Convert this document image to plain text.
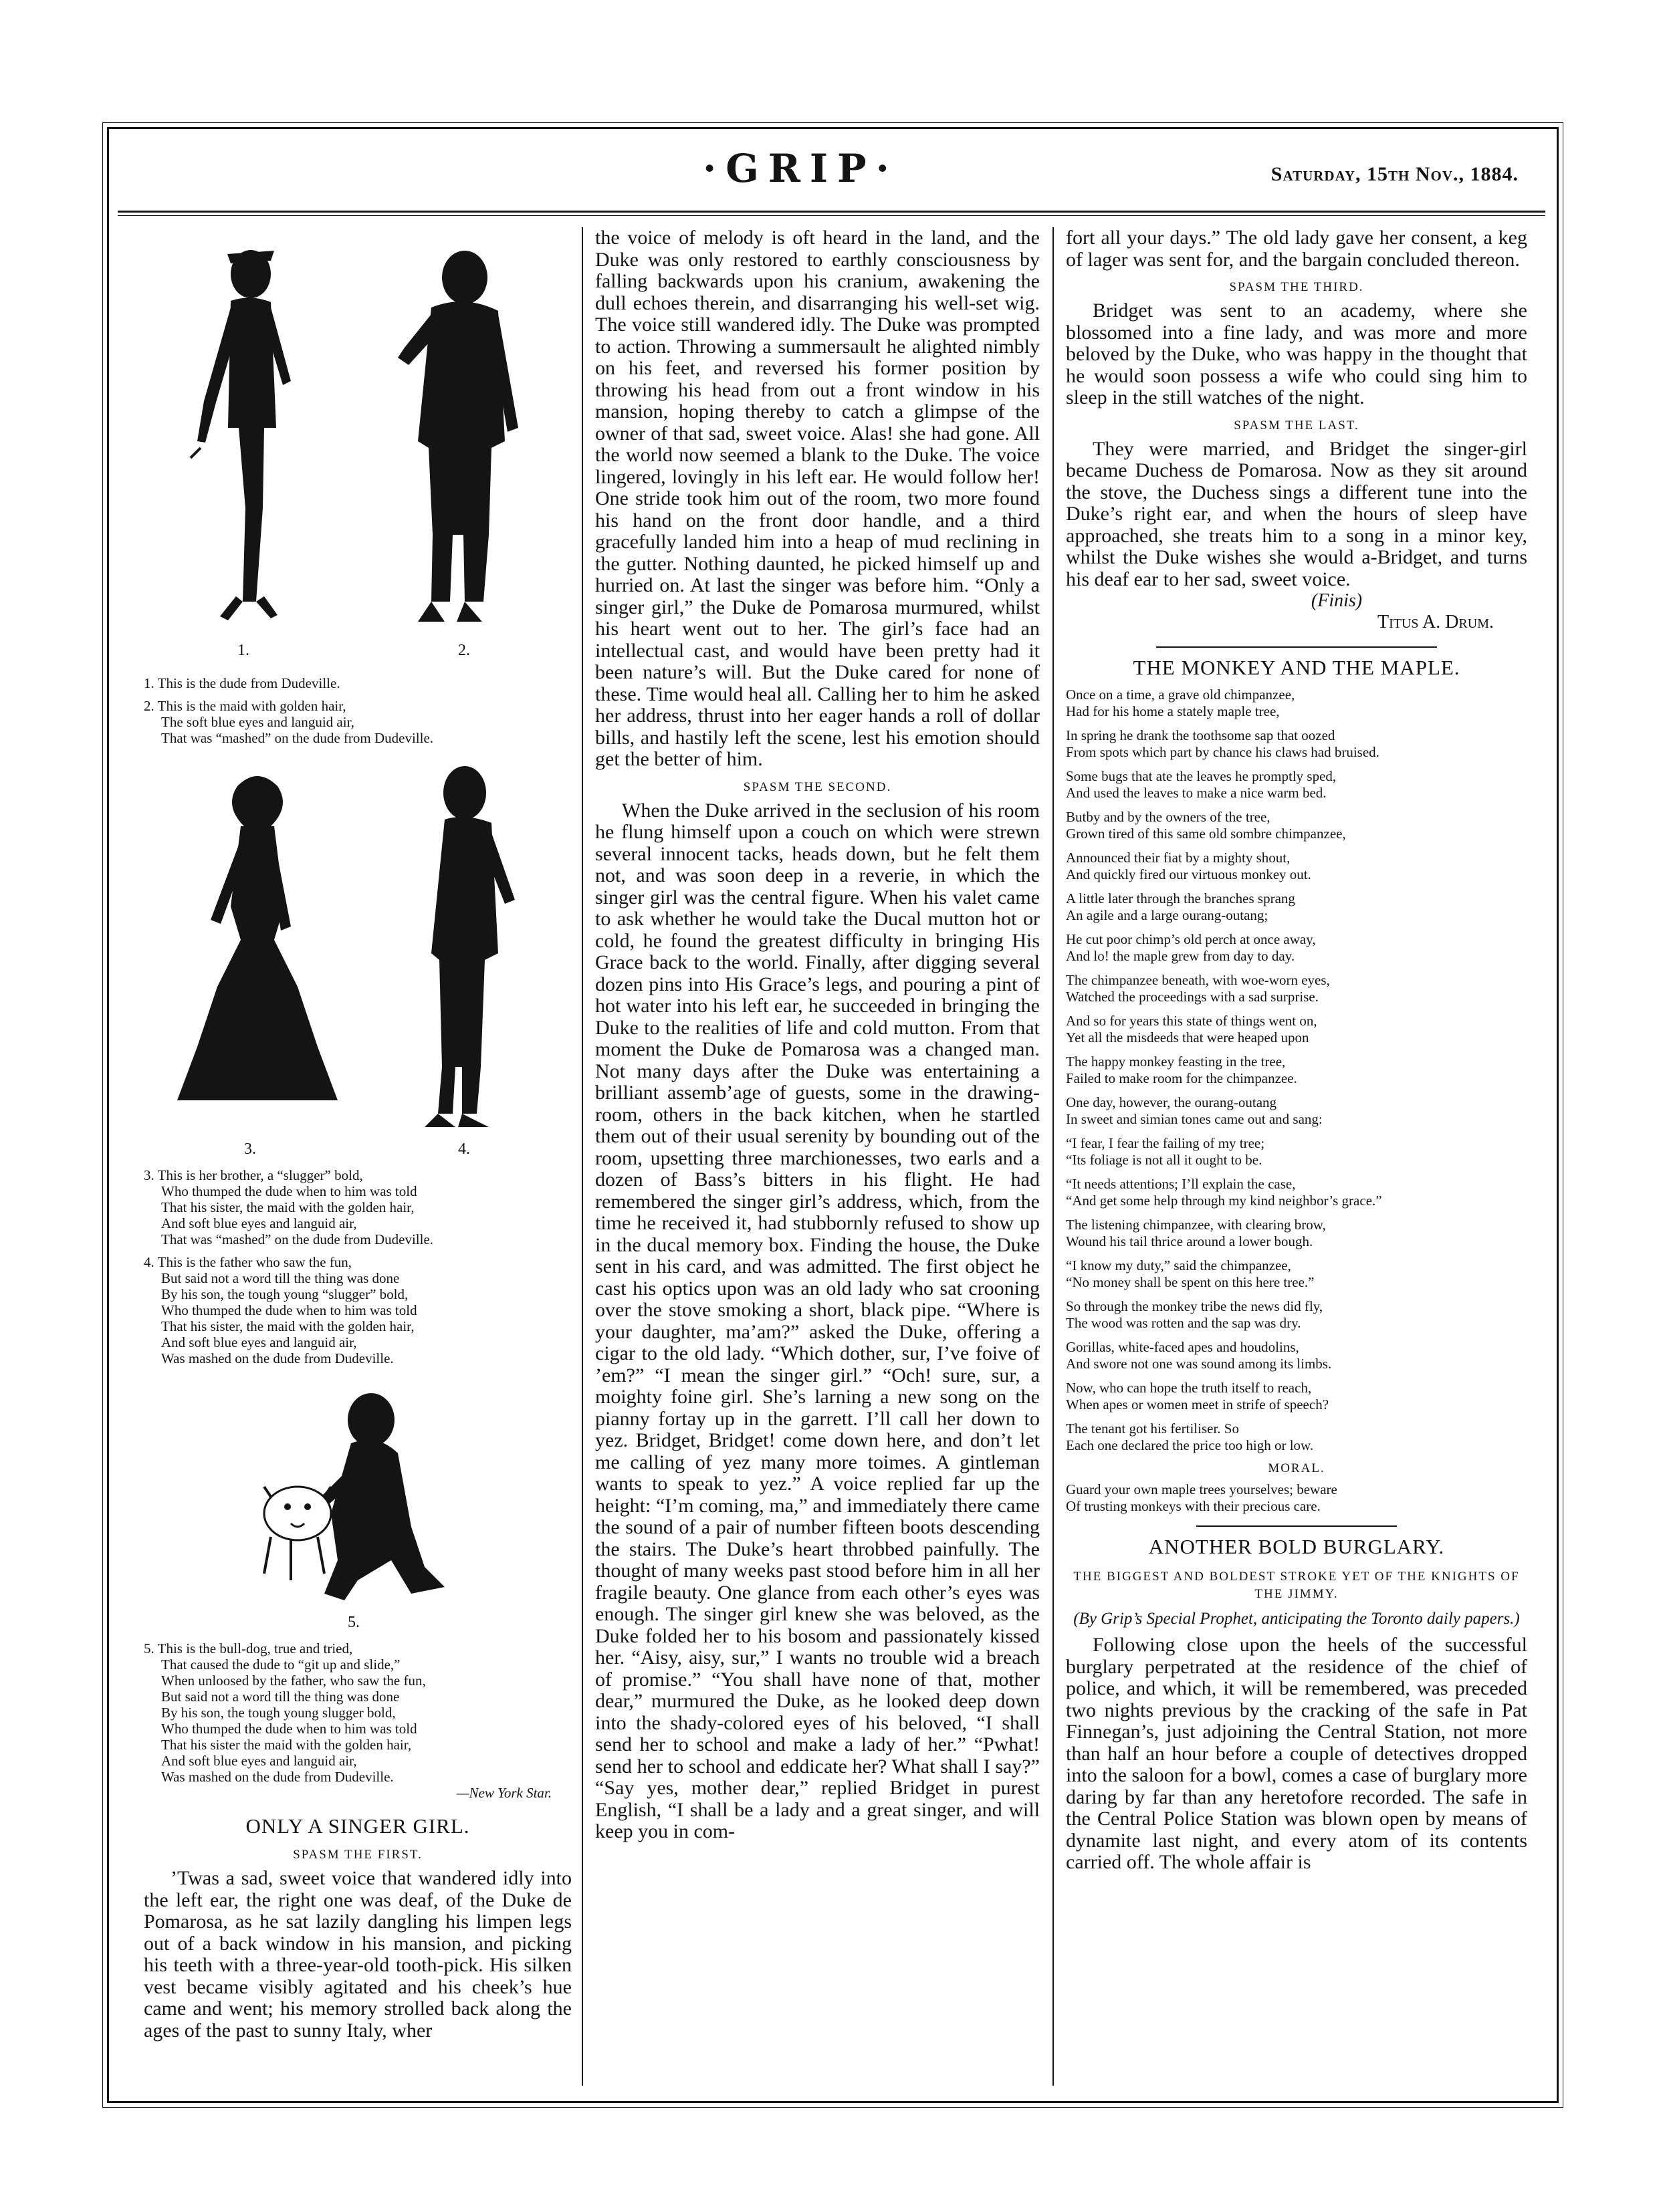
·GRIP·	Saturday, 15th Nov., 1884.
1.	2.
1. This is the dude from Dudeville.
2. This is the maid with golden hair,
The soft blue eyes and languid air,
That was “mashed” on the dude from Dudeville.
3.	4.
3. This is her brother, a “slugger” bold,
Who thumped the dude when to him was told
That his sister, the maid with the golden hair,
And soft blue eyes and languid air,
That was “mashed” on the dude from Dudeville.
4. This is the father who saw the fun,
But said not a word till the thing was done
By his son, the tough young “slugger” bold,
Who thumped the dude when to him was told
That his sister, the maid with the golden hair,
And soft blue eyes and languid air,
Was mashed on the dude from Dudeville.
5.
5. This is the bull-dog, true and tried,
That caused the dude to “git up and slide,”
When unloosed by the father, who saw the fun,
But said not a word till the thing was done
By his son, the tough young slugger bold,
Who thumped the dude when to him was told
That his sister the maid with the golden hair,
And soft blue eyes and languid air,
Was mashed on the dude from Dudeville.
—New York Star.
ONLY A SINGER GIRL.
SPASM THE FIRST.

’Twas a sad, sweet voice that wandered idly into the left ear, the right one was deaf, of the Duke de Pomarosa, as he sat lazily dangling his limpen legs out of a back window in his mansion, and picking his teeth with a three-year-old tooth-pick. His silken vest became visibly agitated and his cheek’s hue came and went; his memory strolled back along the ages of the past to sunny Italy, wher

the voice of melody is oft heard in the land, and the Duke was only restored to earthly consciousness by falling backwards upon his cranium, awakening the dull echoes therein, and disarranging his well-set wig. The voice still wandered idly. The Duke was prompted to action. Throwing a summersault he alighted nimbly on his feet, and reversed his former position by throwing his head from out a front window in his mansion, hoping thereby to catch a glimpse of the owner of that sad, sweet voice. Alas! she had gone. All the world now seemed a blank to the Duke. The voice lingered, lovingly in his left ear. He would follow her! One stride took him out of the room, two more found his hand on the front door handle, and a third gracefully landed him into a heap of mud reclining in the gutter. Nothing daunted, he picked himself up and hurried on. At last the singer was before him. “Only a singer girl,” the Duke de Pomarosa murmured, whilst his heart went out to her. The girl’s face had an intellectual cast, and would have been pretty had it been nature’s will. But the Duke cared for none of these. Time would heal all. Calling her to him he asked her address, thrust into her eager hands a roll of dollar bills, and hastily left the scene, lest his emotion should get the better of him.

SPASM THE SECOND.

When the Duke arrived in the seclusion of his room he flung himself upon a couch on which were strewn several innocent tacks, heads down, but he felt them not, and was soon deep in a reverie, in which the singer girl was the central figure. When his valet came to ask whether he would take the Ducal mutton hot or cold, he found the greatest difficulty in bringing His Grace back to the world. Finally, after digging several dozen pins into His Grace’s legs, and pouring a pint of hot water into his left ear, he succeeded in bringing the Duke to the realities of life and cold mutton. From that moment the Duke de Pomarosa was a changed man. Not many days after the Duke was entertaining a brilliant assemb’age of guests, some in the drawing-room, others in the back kitchen, when he startled them out of their usual serenity by bounding out of the room, upsetting three marchionesses, two earls and a dozen of Bass’s bitters in his flight. He had remembered the singer girl’s address, which, from the time he received it, had stubbornly refused to show up in the ducal memory box. Finding the house, the Duke sent in his card, and was admitted. The first object he cast his optics upon was an old lady who sat crooning over the stove smoking a short, black pipe. “Where is your daughter, ma’am?” asked the Duke, offering a cigar to the old lady. “Which dother, sur, I’ve foive of ’em?” “I mean the singer girl.” “Och! sure, sur, a moighty foine girl. She’s larning a new song on the pianny fortay up in the garrett. I’ll call her down to yez. Bridget, Bridget! come down here, and don’t let me calling of yez many more toimes. A gintleman wants to speak to yez.” A voice replied far up the height: “I’m coming, ma,” and immediately there came the sound of a pair of number fifteen boots descending the stairs. The Duke’s heart throbbed painfully. The thought of many weeks past stood before him in all her fragile beauty. One glance from each other’s eyes was enough. The singer girl knew she was beloved, as the Duke folded her to his bosom and passionately kissed her. “Aisy, aisy, sur,” I wants no trouble wid a breach of promise.” “You shall have none of that, mother dear,” murmured the Duke, as he looked deep down into the shady-colored eyes of his beloved, “I shall send her to school and make a lady of her.” “Pwhat! send her to school and eddicate her? What shall I say?” “Say yes, mother dear,” replied Bridget in purest English, “I shall be a lady and a great singer, and will keep you in com-

fort all your days.” The old lady gave her consent, a keg of lager was sent for, and the bargain concluded thereon.

SPASM THE THIRD.

Bridget was sent to an academy, where she blossomed into a fine lady, and was more and more beloved by the Duke, who was happy in the thought that he would soon possess a wife who could sing him to sleep in the still watches of the night.

SPASM THE LAST.

They were married, and Bridget the singer-girl became Duchess de Pomarosa. Now as they sit around the stove, the Duchess sings a different tune into the Duke’s right ear, and when the hours of sleep have approached, she treats him to a song in a minor key, whilst the Duke wishes she would a-Bridget, and turns his deaf ear to her sad, sweet voice.

(Finis)
Titus A. Drum.
THE MONKEY AND THE MAPLE.
Once on a time, a grave old chimpanzee,
Had for his home a stately maple tree,
In spring he drank the toothsome sap that oozed
From spots which part by chance his claws had bruised.
Some bugs that ate the leaves he promptly sped,
And used the leaves to make a nice warm bed.
Butby and by the owners of the tree,
Grown tired of this same old sombre chimpanzee,
Announced their fiat by a mighty shout,
And quickly fired our virtuous monkey out.
A little later through the branches sprang
An agile and a large ourang-outang;
He cut poor chimp’s old perch at once away,
And lo! the maple grew from day to day.
The chimpanzee beneath, with woe-worn eyes,
Watched the proceedings with a sad surprise.
And so for years this state of things went on,
Yet all the misdeeds that were heaped upon
The happy monkey feasting in the tree,
Failed to make room for the chimpanzee.
One day, however, the ourang-outang
In sweet and simian tones came out and sang:
“I fear, I fear the failing of my tree;
“Its foliage is not all it ought to be.
“It needs attentions; I’ll explain the case,
“And get some help through my kind neighbor’s grace.”
The listening chimpanzee, with clearing brow,
Wound his tail thrice around a lower bough.
“I know my duty,” said the chimpanzee,
“No money shall be spent on this here tree.”
So through the monkey tribe the news did fly,
The wood was rotten and the sap was dry.
Gorillas, white-faced apes and houdolins,
And swore not one was sound among its limbs.
Now, who can hope the truth itself to reach,
When apes or women meet in strife of speech?
The tenant got his fertiliser. So
Each one declared the price too high or low.
MORAL.
Guard your own maple trees yourselves; beware
Of trusting monkeys with their precious care.
ANOTHER BOLD BURGLARY.
THE BIGGEST AND BOLDEST STROKE YET OF THE KNIGHTS OF THE JIMMY.
(By Grip’s Special Prophet, anticipating the Toronto daily papers.)

Following close upon the heels of the successful burglary perpetrated at the residence of the chief of police, and which, it will be remembered, was preceded two nights previous by the cracking of the safe in Pat Finnegan’s, just adjoining the Central Station, not more than half an hour before a couple of detectives dropped into the saloon for a bowl, comes a case of burglary more daring by far than any heretofore recorded. The safe in the Central Police Station was blown open by means of dynamite last night, and every atom of its contents carried off. The whole affair is
